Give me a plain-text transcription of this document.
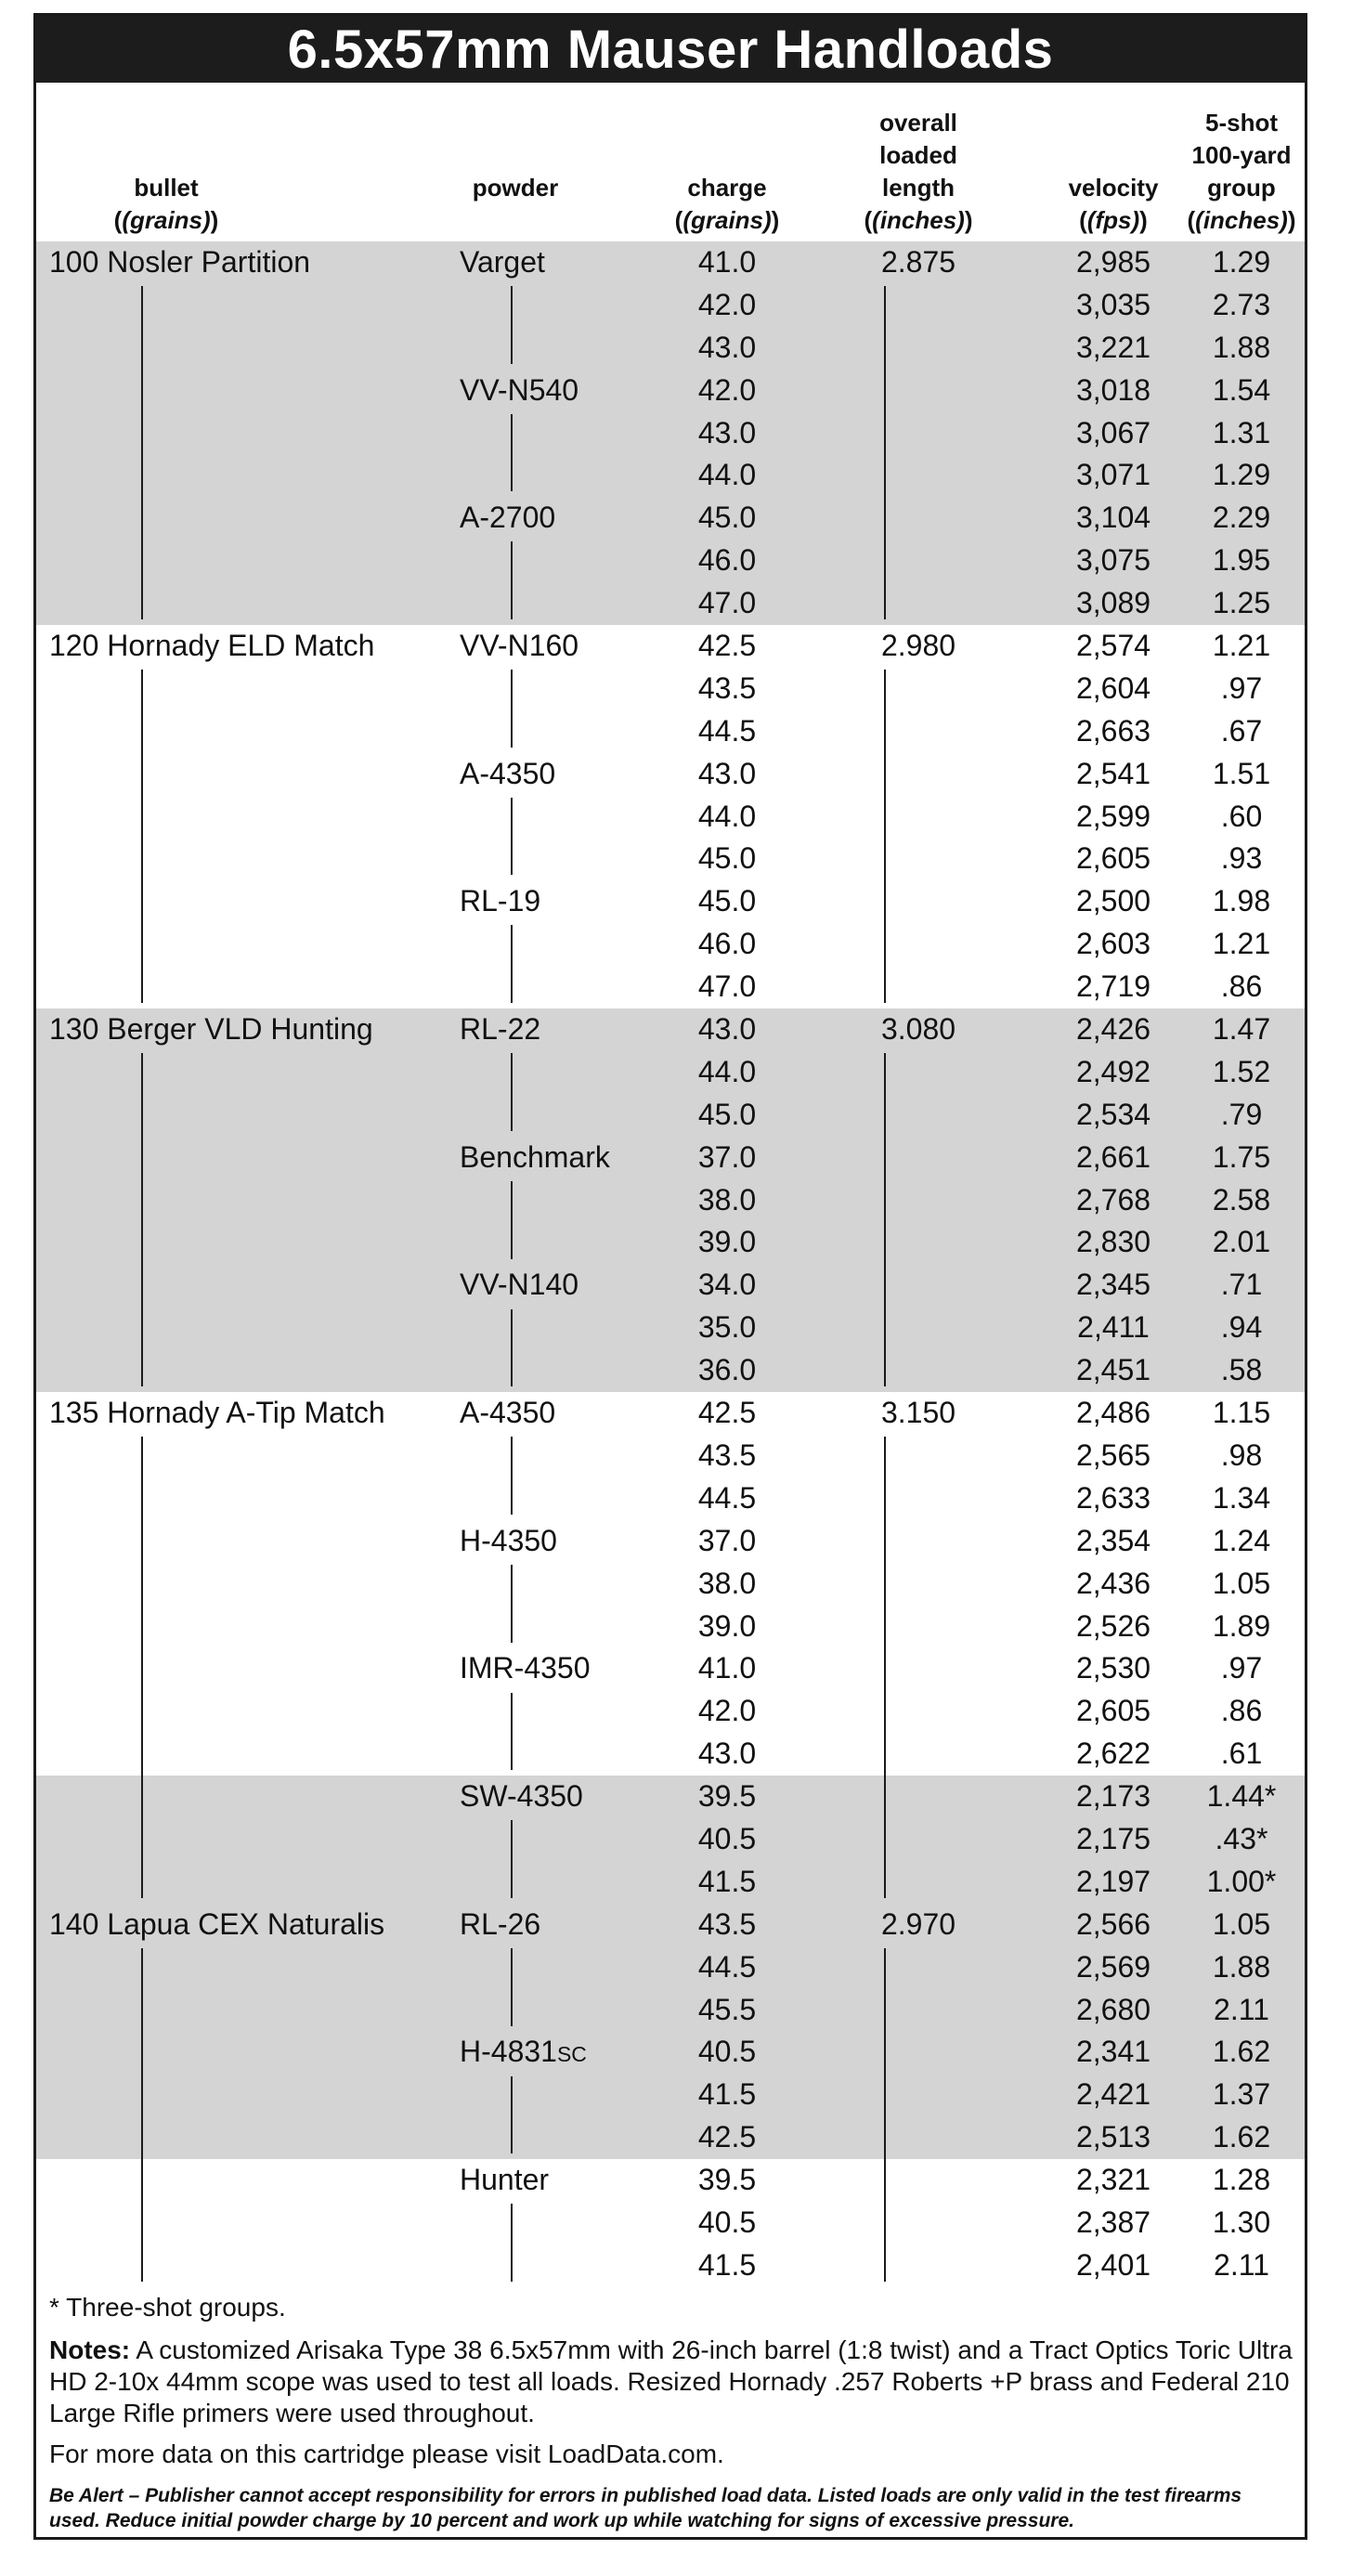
6.5x57mm Mauser Handloads
bullet
((grains))
powder	charge
((grains))
overall
loaded
length
((inches))
velocity
((fps))
5-shot
100-yard
group
((inches))
100 Nosler Partition	Varget	41.0	2.875	2,985	1.29
42.0	3,035	2.73
43.0	3,221	1.88
VV-N540	42.0	3,018	1.54
43.0	3,067	1.31
44.0	3,071	1.29
A-2700	45.0	3,104	2.29
46.0	3,075	1.95
47.0	3,089	1.25
120 Hornady ELD Match	VV-N160	42.5	2.980	2,574	1.21
43.5	2,604	.97
44.5	2,663	.67
A-4350	43.0	2,541	1.51
44.0	2,599	.60
45.0	2,605	.93
RL-19	45.0	2,500	1.98
46.0	2,603	1.21
47.0	2,719	.86
130 Berger VLD Hunting	RL-22	43.0	3.080	2,426	1.47
44.0	2,492	1.52
45.0	2,534	.79
Benchmark	37.0	2,661	1.75
38.0	2,768	2.58
39.0	2,830	2.01
VV-N140	34.0	2,345	.71
35.0	2,411	.94
36.0	2,451	.58
135 Hornady A-Tip Match	A-4350	42.5	3.150	2,486	1.15
43.5	2,565	.98
44.5	2,633	1.34
H-4350	37.0	2,354	1.24
38.0	2,436	1.05
39.0	2,526	1.89
IMR-4350	41.0	2,530	.97
42.0	2,605	.86
43.0	2,622	.61
SW-4350	39.5	2,173	1.44*
40.5	2,175	.43*
41.5	2,197	1.00*
140 Lapua CEX Naturalis	RL-26	43.5	2.970	2,566	1.05
44.5	2,569	1.88
45.5	2,680	2.11
H-4831SC	40.5	2,341	1.62
41.5	2,421	1.37
42.5	2,513	1.62
Hunter	39.5	2,321	1.28
40.5	2,387	1.30
41.5	2,401	2.11
* Three-shot groups.
Notes: A customized Arisaka Type 38 6.5x57mm with 26-inch barrel (1:8 twist) and a Tract Optics Toric Ultra HD 2-10x 44mm scope was used to test all loads. Resized Hornady .257 Roberts +P brass and Federal 210 Large Rifle primers were used throughout.
For more data on this cartridge please visit LoadData.com.
Be Alert – Publisher cannot accept responsibility for errors in published load data. Listed loads are only valid in the test firearms used. Reduce initial powder charge by 10 percent and work up while watching for signs of excessive pressure.
